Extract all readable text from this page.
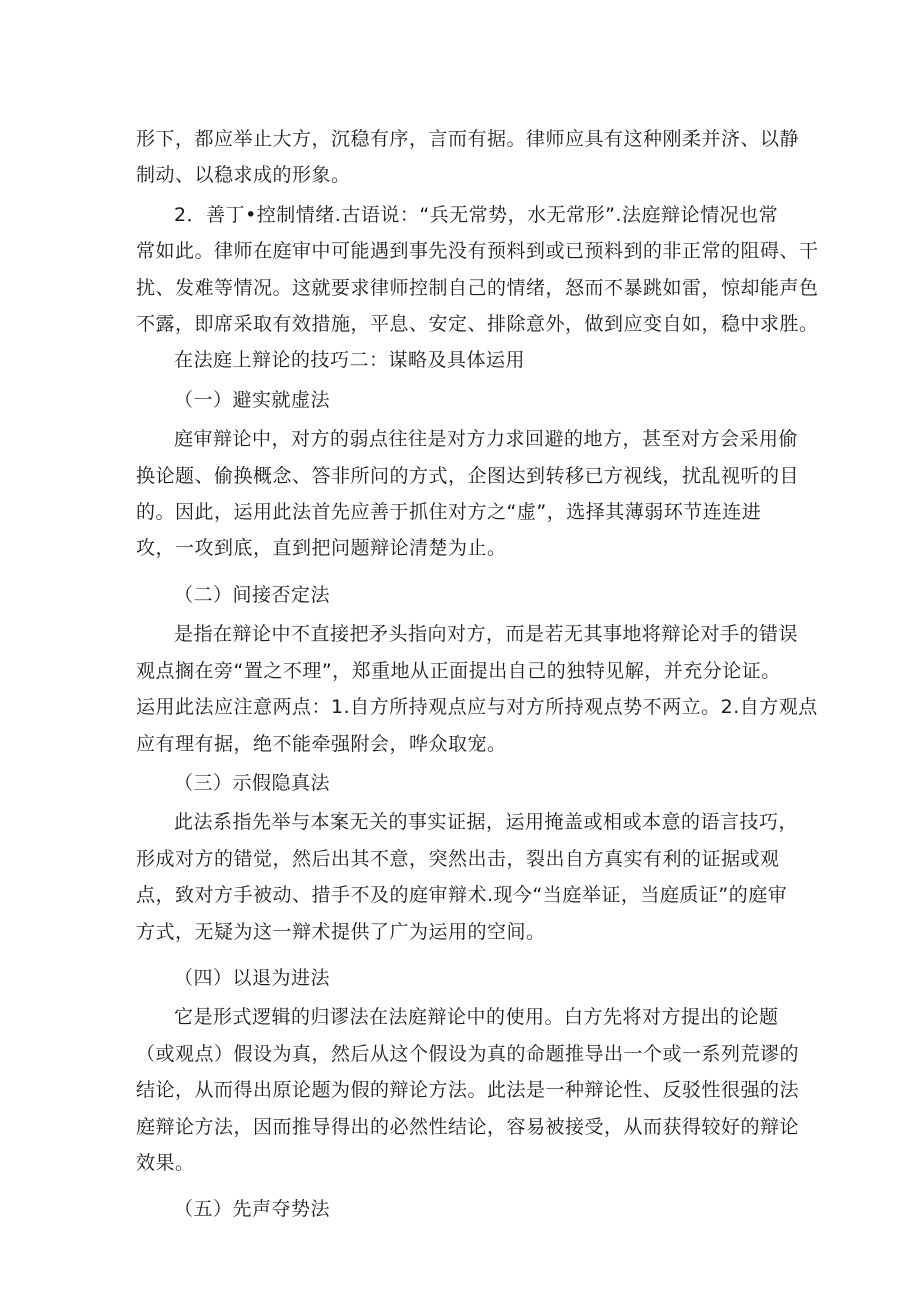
形下，都应举止大方，沉稳有序，言而有据。律师应具有这种刚柔并济、以静
制动、以稳求成的形象。
2．善丁•控制情绪.古语说：“兵无常势，水无常形”.法庭辩论情况也常
常如此。律师在庭审中可能遇到事先没有预料到或已预料到的非正常的阻碍、干
扰、发难等情况。这就要求律师控制自己的情绪，怒而不暴跳如雷，惊却能声色
不露，即席采取有效措施，平息、安定、排除意外，做到应变自如，稳中求胜。
在法庭上辩论的技巧二：谋略及具体运用
（一）避实就虚法
庭审辩论中，对方的弱点往往是对方力求回避的地方，甚至对方会采用偷
换论题、偷换概念、答非所问的方式，企图达到转移已方视线，扰乱视听的目
的。因此，运用此法首先应善于抓住对方之“虚”，选择其薄弱环节连连进
攻，一攻到底，直到把问题辩论清楚为止。
（二）间接否定法
是指在辩论中不直接把矛头指向对方，而是若无其事地将辩论对手的错误
观点搁在旁“置之不理”，郑重地从正面提出自己的独特见解，并充分论证。
运用此法应注意两点：1.自方所持观点应与对方所持观点势不两立。2.自方观点
应有理有据，绝不能牵强附会，哗众取宠。
（三）示假隐真法
此法系指先举与本案无关的事实证据，运用掩盖或相或本意的语言技巧，
形成对方的错觉，然后出其不意，突然出击，裂出自方真实有利的证据或观
点，致对方手被动、措手不及的庭审辩术.现今“当庭举证，当庭质证”的庭审
方式，无疑为这一辩术提供了广为运用的空间。
（四）以退为进法
它是形式逻辑的归谬法在法庭辩论中的使用。白方先将对方提出的论题
（或观点）假设为真，然后从这个假设为真的命题推导出一个或一系列荒谬的
结论，从而得出原论题为假的辩论方法。此法是一种辩论性、反驳性很强的法
庭辩论方法，因而推导得出的必然性结论，容易被接受，从而获得较好的辩论
效果。
（五）先声夺势法
